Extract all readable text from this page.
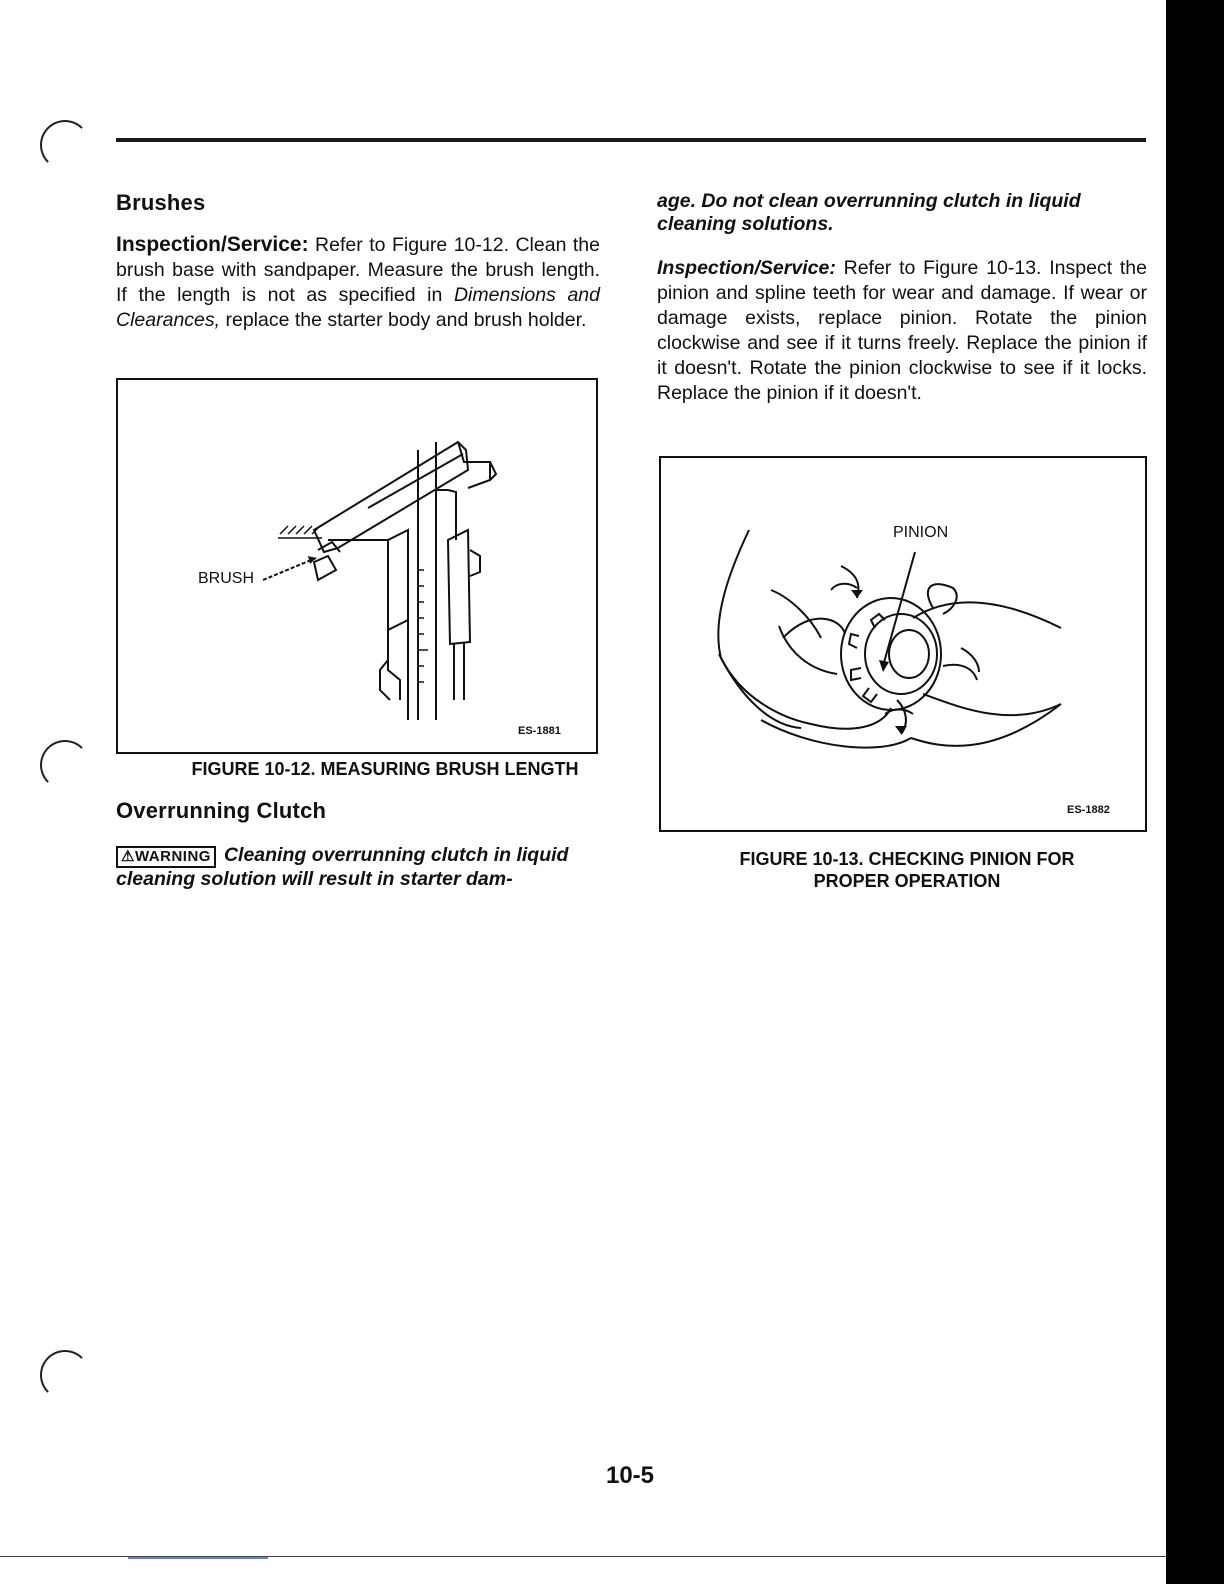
Brushes

Inspection/Service: Refer to Figure 10-12. Clean the brush base with sandpaper. Measure the brush length. If the length is not as specified in Dimensions and Clearances, replace the starter body and brush holder.

BRUSH
ES-1881
FIGURE 10-12. MEASURING BRUSH LENGTH
Overrunning Clutch

⚠WARNING Cleaning overrunning clutch in liquid cleaning solution will result in starter dam-

age. Do not clean overrunning clutch in liquid cleaning solutions.

Inspection/Service: Refer to Figure 10-13. Inspect the pinion and spline teeth for wear and damage. If wear or damage exists, replace pinion. Rotate the pinion clockwise and see if it turns freely. Replace the pinion if it doesn't. Rotate the pinion clockwise to see if it locks. Replace the pinion if it doesn't.

PINION
ES-1882
FIGURE 10-13. CHECKING PINION FOR
PROPER OPERATION
10-5
